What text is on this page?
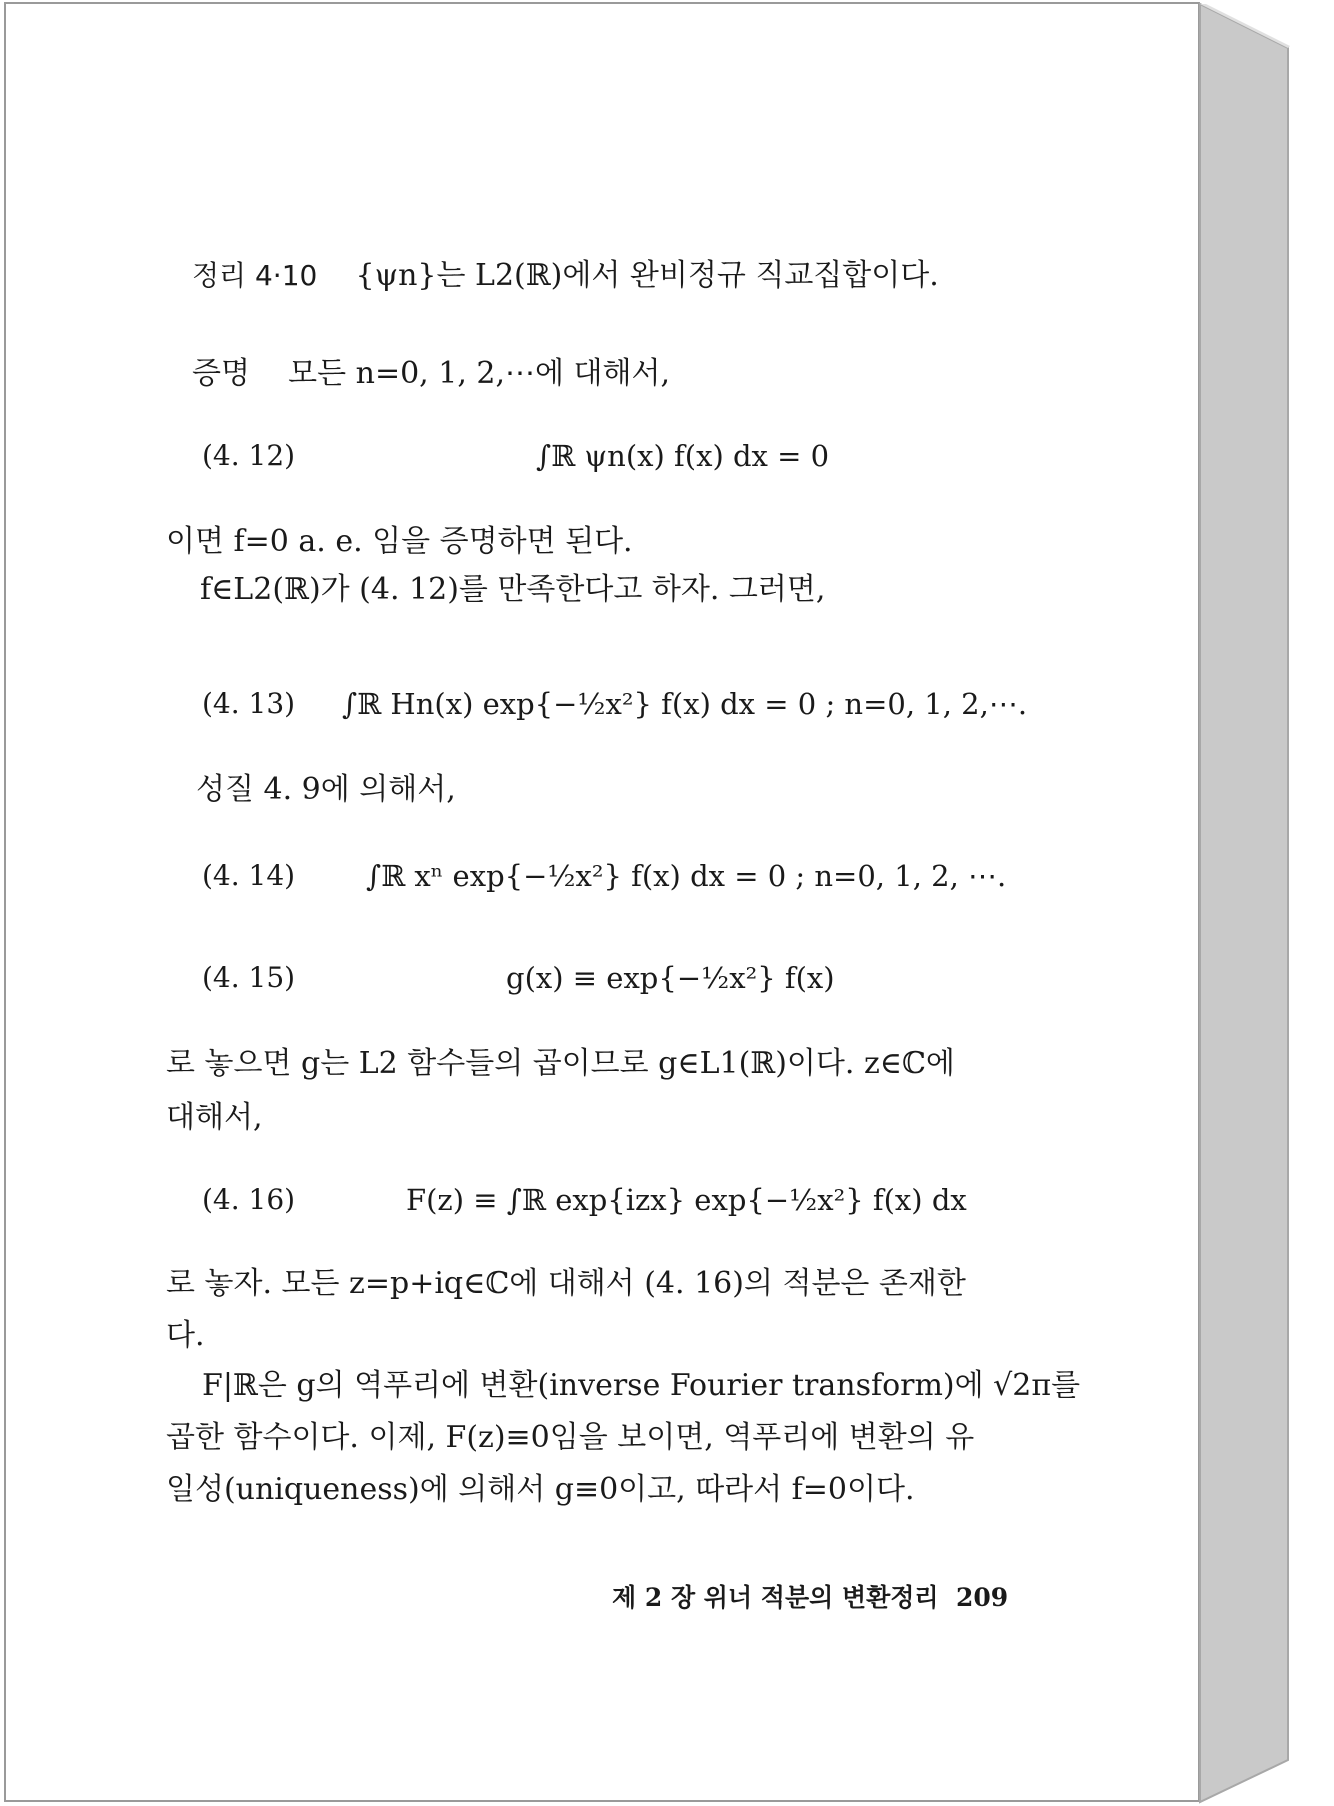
정리 4·10 {ψn}는 L2(ℝ)에서 완비정규 직교집합이다.
증명 모든 n=0, 1, 2,⋯에 대해서,
(4. 12)	∫ℝ ψn(x) f(x) dx = 0
이면 f=0 a. e. 임을 증명하면 된다.
f∈L2(ℝ)가 (4. 12)를 만족한다고 하자. 그러면,
(4. 13) ∫ℝ Hn(x) exp{−½x²} f(x) dx = 0 ; n=0, 1, 2,⋯.
성질 4. 9에 의해서,
(4. 14) ∫ℝ xⁿ exp{−½x²} f(x) dx = 0 ; n=0, 1, 2, ⋯.
(4. 15)	g(x) ≡ exp{−½x²} f(x)
로 놓으면 g는 L2 함수들의 곱이므로 g∈L1(ℝ)이다. z∈ℂ에
대해서,
(4. 16)	F(z) ≡ ∫ℝ exp{izx} exp{−½x²} f(x) dx
로 놓자. 모든 z=p+iq∈ℂ에 대해서 (4. 16)의 적분은 존재한
다.
F|ℝ은 g의 역푸리에 변환(inverse Fourier transform)에 √2π를
곱한 함수이다. 이제, F(z)≡0임을 보이면, 역푸리에 변환의 유
일성(uniqueness)에 의해서 g≡0이고, 따라서 f=0이다.
제 2 장 위너 적분의 변환정리 209
